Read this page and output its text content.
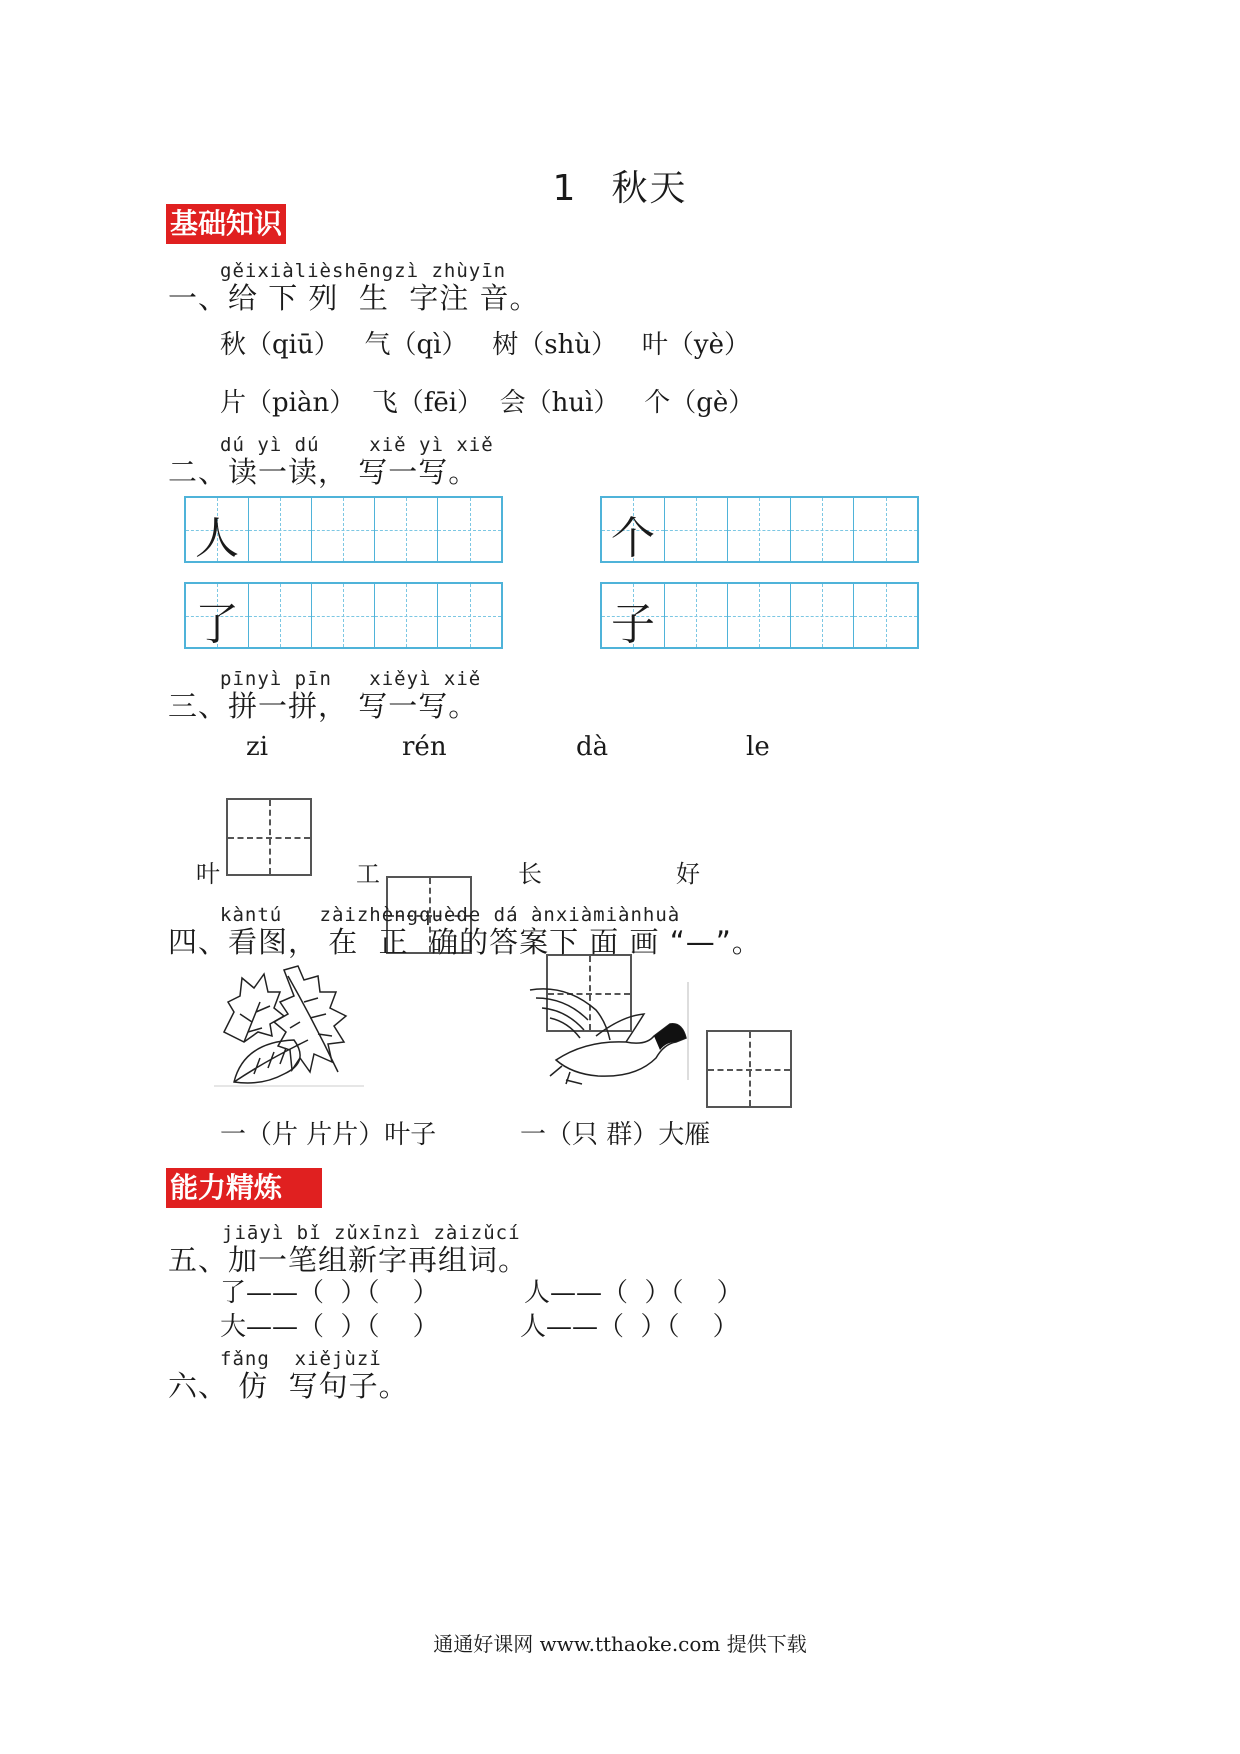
1 秋天
基础知识
gěixiàlièshēngzì zhùyīn
一、给 下 列  生  字注 音。
秋（qiū）   气（qì）   树（shù）   叶（yè）
片（piàn）  飞（fēi）  会（huì）   个（gè）
dú yì dú    xiě yì xiě
二、读一读， 写一写。
人	个
了	子
pīnyì pīn   xiěyì xiě
三、拼一拼， 写一写。
zi	rén	dà	le
叶	工	长	好
kàntú   zàizhèngquède dá ànxiàmiànhuà
四、看图， 在  正  确的答案下 面 画 “—”。
一（片 片片）叶子	一（只 群）大雁
能力精炼
jiāyì bǐ zǔxīnzì zàizǔcí
五、加一笔组新字再组词。
了——（  ）（    ）	人——（  ）（    ）
大——（  ）（    ）	人——（  ）（    ）
fǎng  xiějùzǐ
六、 仿  写句子。
通通好课网 www.tthaoke.com 提供下载
